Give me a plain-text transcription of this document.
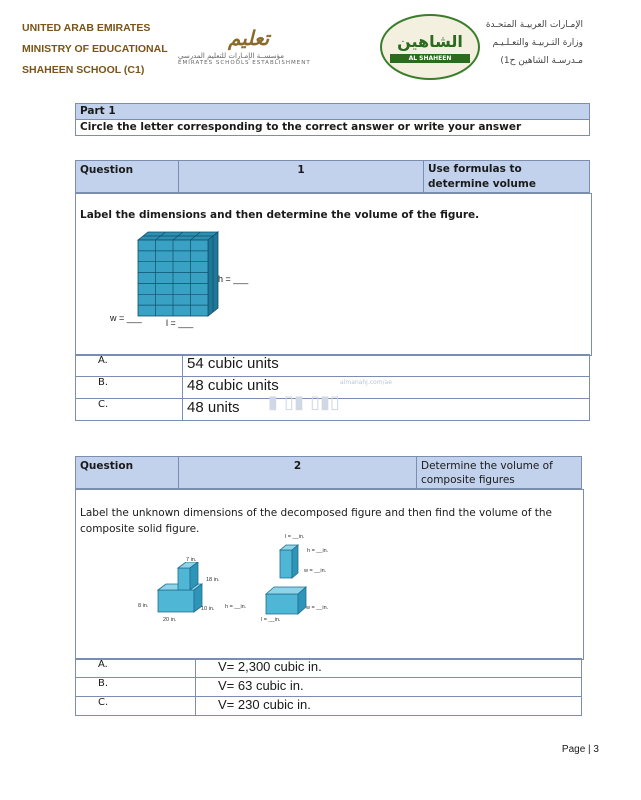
UNITED ARAB EMIRATES
MINISTRY OF EDUCATIONAL
SHAHEEN SCHOOL (C1)
تعليم
مؤسســة الإمـارات للتعليم المدرسي
EMIRATES SCHOOLS ESTABLISHMENT
الشاهين
AL SHAHEEN
الإمـارات العربيـة المتحـدة
وزارة التـربيـة والتعـلـيـم
مـدرسـة الشاهين ح1)
Part 1
Circle the letter corresponding to the correct answer or write your answer
Question	1	Use formulas to determine volume
Label the dimensions and then determine the volume of the figure.
h = ___
w = ___	l = ___
A.	54 cubic units
B.	48 cubic units
C.	48 units
almanahj.com/ae
▮ ▯▮ ▯▮▯
Question	2	Determine the volume of composite figures
Label the unknown dimensions of the decomposed figure and then find the volume of the composite solid figure.
7 in.
18 in.
8 in.	10 in.
20 in.
l = __in.
h = __in.
w = __in.
h = __in.	w = __in.
l = __in.
A.	V= 2,300 cubic in.
B.	V= 63 cubic in.
C.	V= 230 cubic in.
Page | 3
